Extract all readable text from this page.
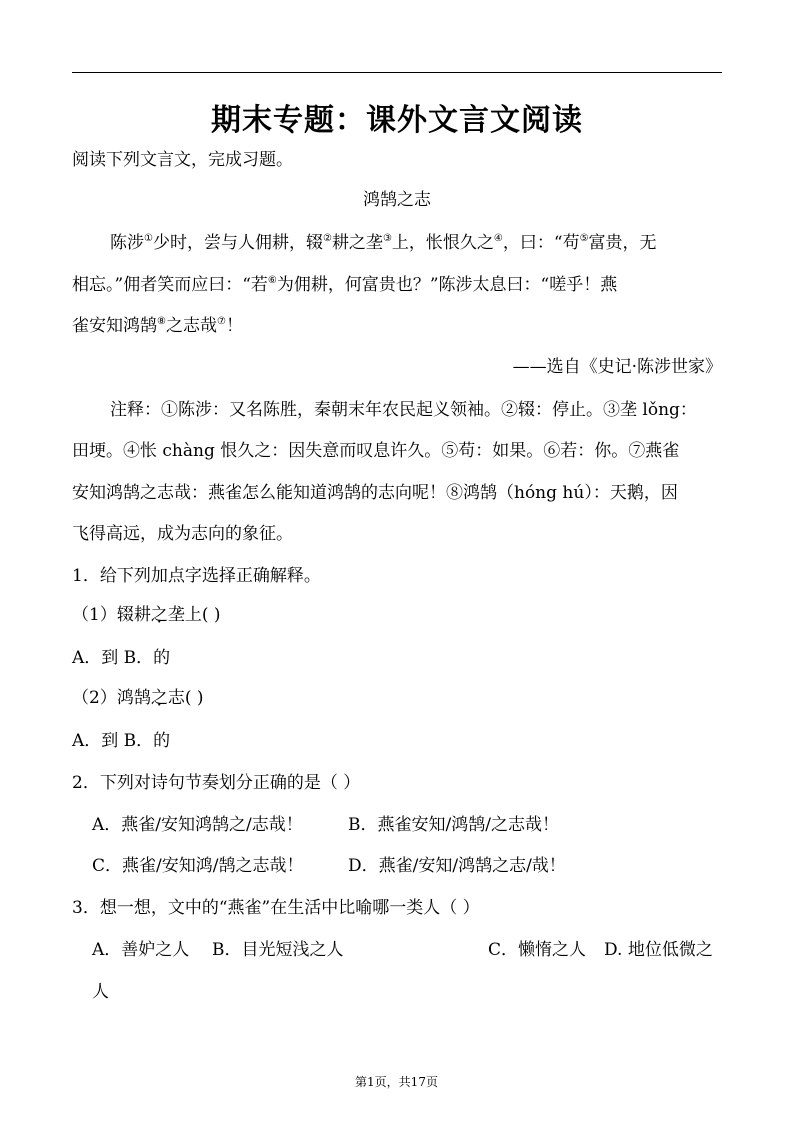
期末专题：课外文言文阅读
阅读下列文言文，完成习题。
鸿鹄之志
陈涉①少时，尝与人佣耕，辍②耕之垄③上，怅恨久之④，曰：“苟⑤富贵，无
相忘。”佣者笑而应曰：“若⑥为佣耕，何富贵也？”陈涉太息曰：“嗟乎！燕
雀安知鸿鹄⑧之志哉⑦！
——选自《史记·陈涉世家》
注释：①陈涉：又名陈胜，秦朝末年农民起义领袖。②辍：停止。③垄 lǒng：
田埂。④怅 chàng 恨久之：因失意而叹息许久。⑤苟：如果。⑥若：你。⑦燕雀
安知鸿鹄之志哉：燕雀怎么能知道鸿鹄的志向呢！⑧鸿鹄（hóng hú）：天鹅，因
飞得高远，成为志向的象征。
1．给下列加点字选择正确解释。
（1）辍耕之垄上( )
A．到 B．的
（2）鸿鹄之志( )
A．到 B．的
2．下列对诗句节奏划分正确的是（ ）
A．燕雀/安知鸿鹄之/志哉！	B．燕雀安知/鸿鹄/之志哉！
C．燕雀/安知鸿/鹄之志哉！	D．燕雀/安知/鸿鹄之志/哉！
3．想一想，文中的“燕雀”在生活中比喻哪一类人（ ）
A．善妒之人 B．目光短浅之人	C．懒惰之人 D. 地位低微之
人
第1页，共17页
